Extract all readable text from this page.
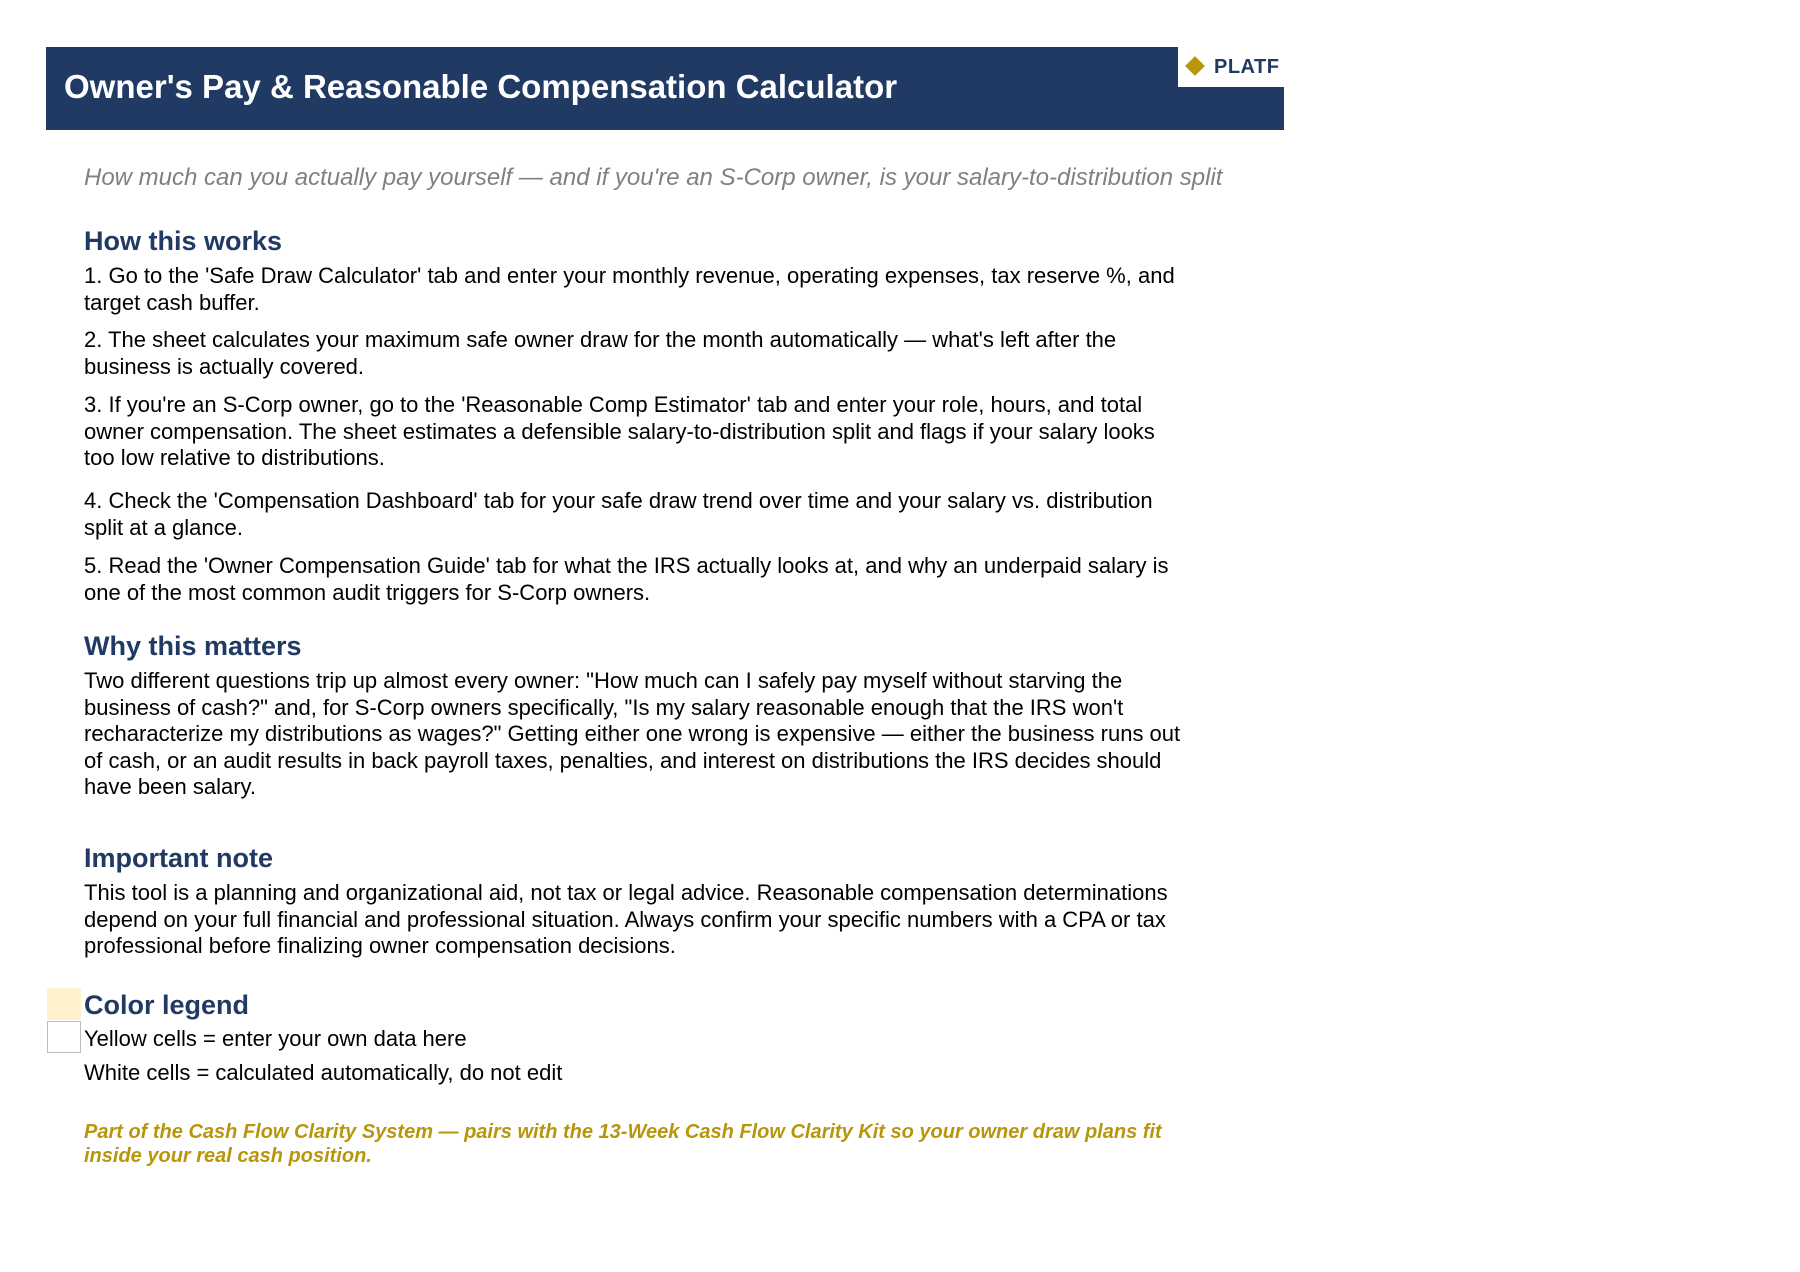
Owner's Pay & Reasonable Compensation Calculator
PLATF
How much can you actually pay yourself — and if you're an S-Corp owner, is your salary-to-distribution split
How this works
1. Go to the 'Safe Draw Calculator' tab and enter your monthly revenue, operating expenses, tax reserve %, and target cash buffer.
2. The sheet calculates your maximum safe owner draw for the month automatically — what's left after the business is actually covered.
3. If you're an S-Corp owner, go to the 'Reasonable Comp Estimator' tab and enter your role, hours, and total owner compensation. The sheet estimates a defensible salary-to-distribution split and flags if your salary looks too low relative to distributions.
4. Check the 'Compensation Dashboard' tab for your safe draw trend over time and your salary vs. distribution split at a glance.
5. Read the 'Owner Compensation Guide' tab for what the IRS actually looks at, and why an underpaid salary is one of the most common audit triggers for S-Corp owners.
Why this matters
Two different questions trip up almost every owner: "How much can I safely pay myself without starving the business of cash?" and, for S-Corp owners specifically, "Is my salary reasonable enough that the IRS won't recharacterize my distributions as wages?" Getting either one wrong is expensive — either the business runs out of cash, or an audit results in back payroll taxes, penalties, and interest on distributions the IRS decides should have been salary.
Important note
This tool is a planning and organizational aid, not tax or legal advice. Reasonable compensation determinations depend on your full financial and professional situation. Always confirm your specific numbers with a CPA or tax professional before finalizing owner compensation decisions.
Color legend
Yellow cells = enter your own data here
White cells = calculated automatically, do not edit
Part of the Cash Flow Clarity System — pairs with the 13-Week Cash Flow Clarity Kit so your owner draw plans fit inside your real cash position.
